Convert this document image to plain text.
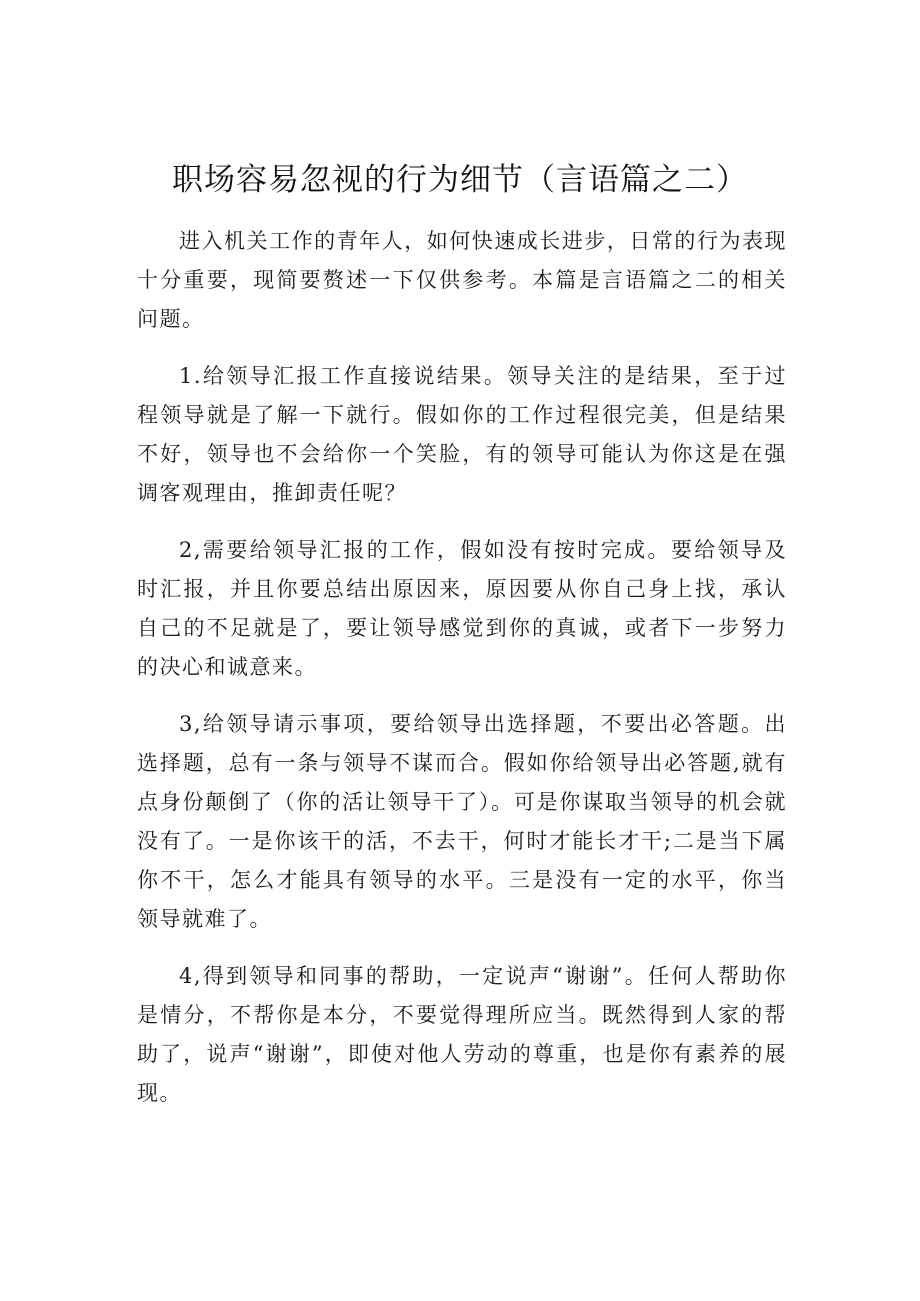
职场容易忽视的行为细节（言语篇之二）

进入机关工作的青年人，如何快速成长进步，日常的行为表现十分重要，现简要赘述一下仅供参考。本篇是言语篇之二的相关问题。

1.给领导汇报工作直接说结果。领导关注的是结果，至于过程领导就是了解一下就行。假如你的工作过程很完美，但是结果不好，领导也不会给你一个笑脸，有的领导可能认为你这是在强调客观理由，推卸责任呢？

2,需要给领导汇报的工作，假如没有按时完成。要给领导及时汇报，并且你要总结出原因来，原因要从你自己身上找，承认自己的不足就是了，要让领导感觉到你的真诚，或者下一步努力的决心和诚意来。

3,给领导请示事项，要给领导出选择题，不要出必答题。出选择题，总有一条与领导不谋而合。假如你给领导出必答题,就有点身份颠倒了（你的活让领导干了）。可是你谋取当领导的机会就没有了。一是你该干的活，不去干，何时才能长才干;二是当下属你不干，怎么才能具有领导的水平。三是没有一定的水平，你当领导就难了。

4,得到领导和同事的帮助，一定说声“谢谢”。任何人帮助你是情分，不帮你是本分，不要觉得理所应当。既然得到人家的帮助了，说声“谢谢”，即使对他人劳动的尊重，也是你有素养的展现。
